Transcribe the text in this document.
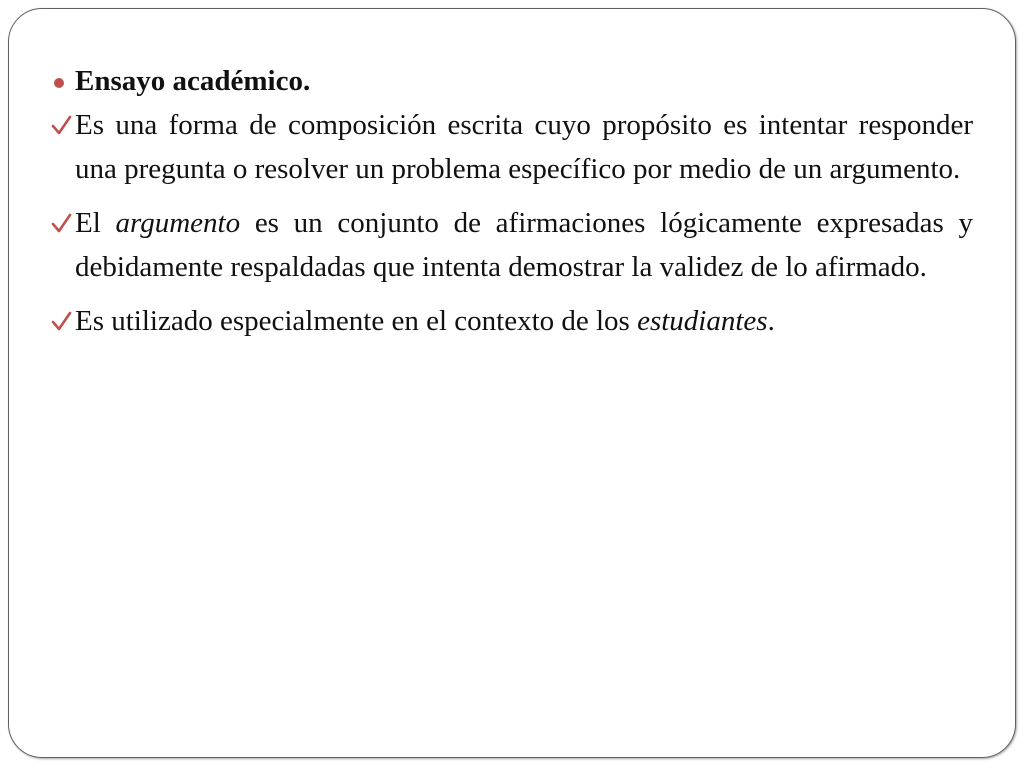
Ensayo académico.
Es una forma de composición escrita cuyo propósito es intentar responder una pregunta o resolver un problema específico por medio de un argumento.
El argumento es un conjunto de afirmaciones lógicamente expresadas y debidamente respaldadas que intenta demostrar la validez de lo afirmado.
Es utilizado especialmente en el contexto de los estudiantes.
